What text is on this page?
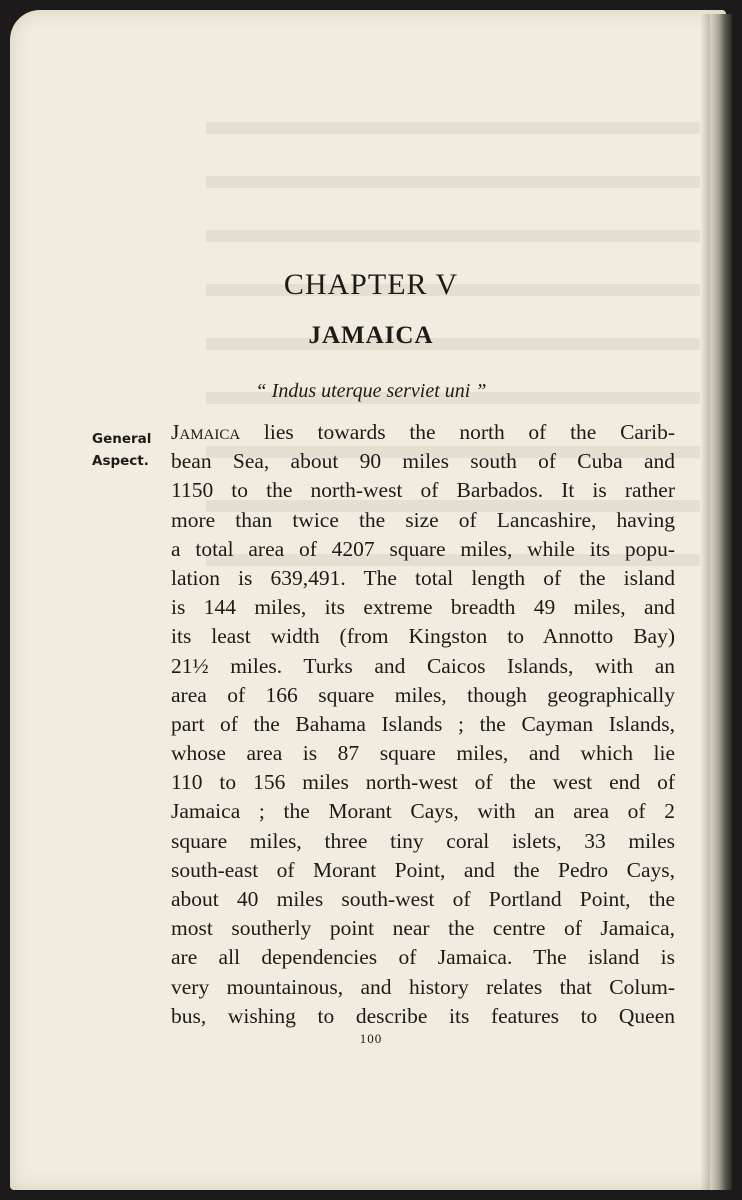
CHAPTER V
JAMAICA
“ Indus uterque serviet uni ”
General
Aspect.
Jamaica lies towards the north of the Carib-
bean Sea, about 90 miles south of Cuba and
1150 to the north-west of Barbados. It is rather
more than twice the size of Lancashire, having
a total area of 4207 square miles, while its popu-
lation is 639,491. The total length of the island
is 144 miles, its extreme breadth 49 miles, and
its least width (from Kingston to Annotto Bay)
21½ miles. Turks and Caicos Islands, with an
area of 166 square miles, though geographically
part of the Bahama Islands ; the Cayman Islands,
whose area is 87 square miles, and which lie
110 to 156 miles north-west of the west end of
Jamaica ; the Morant Cays, with an area of 2
square miles, three tiny coral islets, 33 miles
south-east of Morant Point, and the Pedro Cays,
about 40 miles south-west of Portland Point, the
most southerly point near the centre of Jamaica,
are all dependencies of Jamaica. The island is
very mountainous, and history relates that Colum-
bus, wishing to describe its features to Queen
100
